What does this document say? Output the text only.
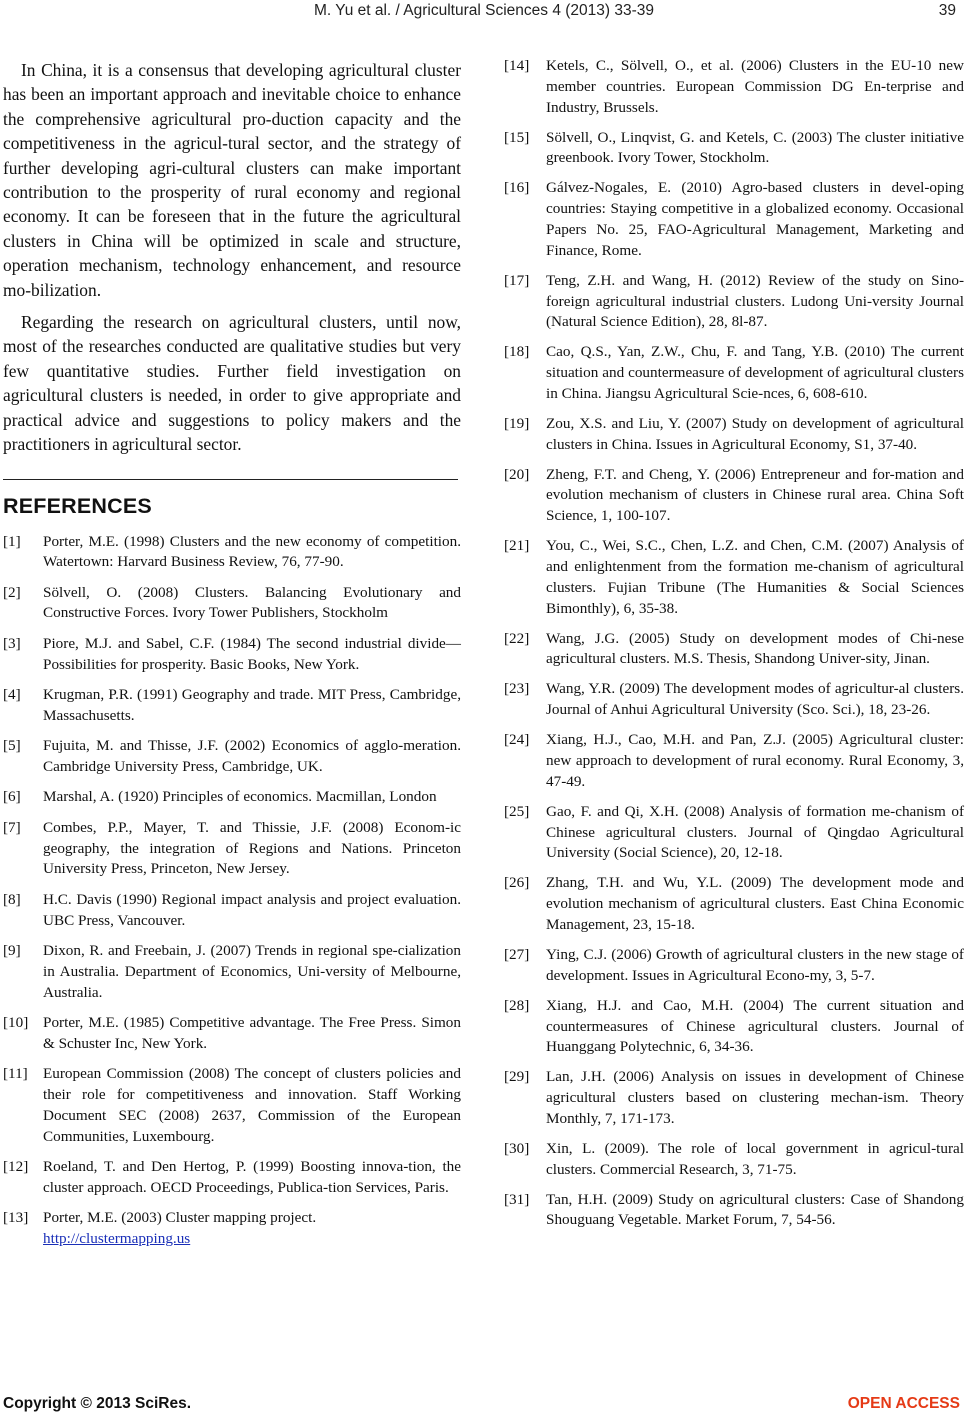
M. Yu et al. / Agricultural Sciences 4 (2013) 33-39	39

In China, it is a consensus that developing agricultural cluster has been an important approach and inevitable choice to enhance the comprehensive agricultural pro-duction capacity and the competitiveness in the agricul-tural sector, and the strategy of further developing agri-cultural clusters can make important contribution to the prosperity of rural economy and regional economy. It can be foreseen that in the future the agricultural clusters in China will be optimized in scale and structure, operation mechanism, technology enhancement, and resource mo-bilization.

Regarding the research on agricultural clusters, until now, most of the researches conducted are qualitative studies but very few quantitative studies. Further field investigation on agricultural clusters is needed, in order to give appropriate and practical advice and suggestions to policy makers and the practitioners in agricultural sector.

REFERENCES
[1] Porter, M.E. (1998) Clusters and the new economy of competition. Watertown: Harvard Business Review, 76, 77-90.
[2] Sölvell, O. (2008) Clusters. Balancing Evolutionary and Constructive Forces. Ivory Tower Publishers, Stockholm
[3] Piore, M.J. and Sabel, C.F. (1984) The second industrial divide—Possibilities for prosperity. Basic Books, New York.
[4] Krugman, P.R. (1991) Geography and trade. MIT Press, Cambridge, Massachusetts.
[5] Fujuita, M. and Thisse, J.F. (2002) Economics of agglo-meration. Cambridge University Press, Cambridge, UK.
[6] Marshal, A. (1920) Principles of economics. Macmillan, London
[7] Combes, P.P., Mayer, T. and Thissie, J.F. (2008) Econom-ic geography, the integration of Regions and Nations. Princeton University Press, Princeton, New Jersey.
[8] H.C. Davis (1990) Regional impact analysis and project evaluation. UBC Press, Vancouver.
[9] Dixon, R. and Freebain, J. (2007) Trends in regional spe-cialization in Australia. Department of Economics, Uni-versity of Melbourne, Australia.
[10] Porter, M.E. (1985) Competitive advantage. The Free Press. Simon & Schuster Inc, New York.
[11] European Commission (2008) The concept of clusters policies and their role for competitiveness and innovation. Staff Working Document SEC (2008) 2637, Commission of the European Communities, Luxembourg.
[12] Roeland, T. and Den Hertog, P. (1999) Boosting innova-tion, the cluster approach. OECD Proceedings, Publica-tion Services, Paris.
[13] Porter, M.E. (2003) Cluster mapping project.
http://clustermapping.us
[14] Ketels, C., Sölvell, O., et al. (2006) Clusters in the EU-10 new member countries. European Commission DG En-terprise and Industry, Brussels.
[15] Sölvell, O., Linqvist, G. and Ketels, C. (2003) The cluster initiative greenbook. Ivory Tower, Stockholm.
[16] Gálvez-Nogales, E. (2010) Agro-based clusters in devel-oping countries: Staying competitive in a globalized economy. Occasional Papers No. 25, FAO-Agricultural Management, Marketing and Finance, Rome.
[17] Teng, Z.H. and Wang, H. (2012) Review of the study on Sino-foreign agricultural industrial clusters. Ludong Uni-versity Journal (Natural Science Edition), 28, 8l-87.
[18] Cao, Q.S., Yan, Z.W., Chu, F. and Tang, Y.B. (2010) The current situation and countermeasure of development of agricultural clusters in China. Jiangsu Agricultural Scie-nces, 6, 608-610.
[19] Zou, X.S. and Liu, Y. (2007) Study on development of agricultural clusters in China. Issues in Agricultural Economy, S1, 37-40.
[20] Zheng, F.T. and Cheng, Y. (2006) Entrepreneur and for-mation and evolution mechanism of clusters in Chinese rural area. China Soft Science, 1, 100-107.
[21] You, C., Wei, S.C., Chen, L.Z. and Chen, C.M. (2007) Analysis of and enlightenment from the formation me-chanism of agricultural clusters. Fujian Tribune (The Humanities & Social Sciences Bimonthly), 6, 35-38.
[22] Wang, J.G. (2005) Study on development modes of Chi-nese agricultural clusters. M.S. Thesis, Shandong Univer-sity, Jinan.
[23] Wang, Y.R. (2009) The development modes of agricultur-al clusters. Journal of Anhui Agricultural University (Sco. Sci.), 18, 23-26.
[24] Xiang, H.J., Cao, M.H. and Pan, Z.J. (2005) Agricultural cluster: new approach to development of rural economy. Rural Economy, 3, 47-49.
[25] Gao, F. and Qi, X.H. (2008) Analysis of formation me-chanism of Chinese agricultural clusters. Journal of Qingdao Agricultural University (Social Science), 20, 12-18.
[26] Zhang, T.H. and Wu, Y.L. (2009) The development mode and evolution mechanism of agricultural clusters. East China Economic Management, 23, 15-18.
[27] Ying, C.J. (2006) Growth of agricultural clusters in the new stage of development. Issues in Agricultural Econo-my, 3, 5-7.
[28] Xiang, H.J. and Cao, M.H. (2004) The current situation and countermeasures of Chinese agricultural clusters. Journal of Huanggang Polytechnic, 6, 34-36.
[29] Lan, J.H. (2006) Analysis on issues in development of Chinese agricultural clusters based on clustering mechan-ism. Theory Monthly, 7, 171-173.
[30] Xin, L. (2009). The role of local government in agricul-tural clusters. Commercial Research, 3, 71-75.
[31] Tan, H.H. (2009) Study on agricultural clusters: Case of Shandong Shouguang Vegetable. Market Forum, 7, 54-56.
Copyright © 2013 SciRes.	OPEN ACCESS
